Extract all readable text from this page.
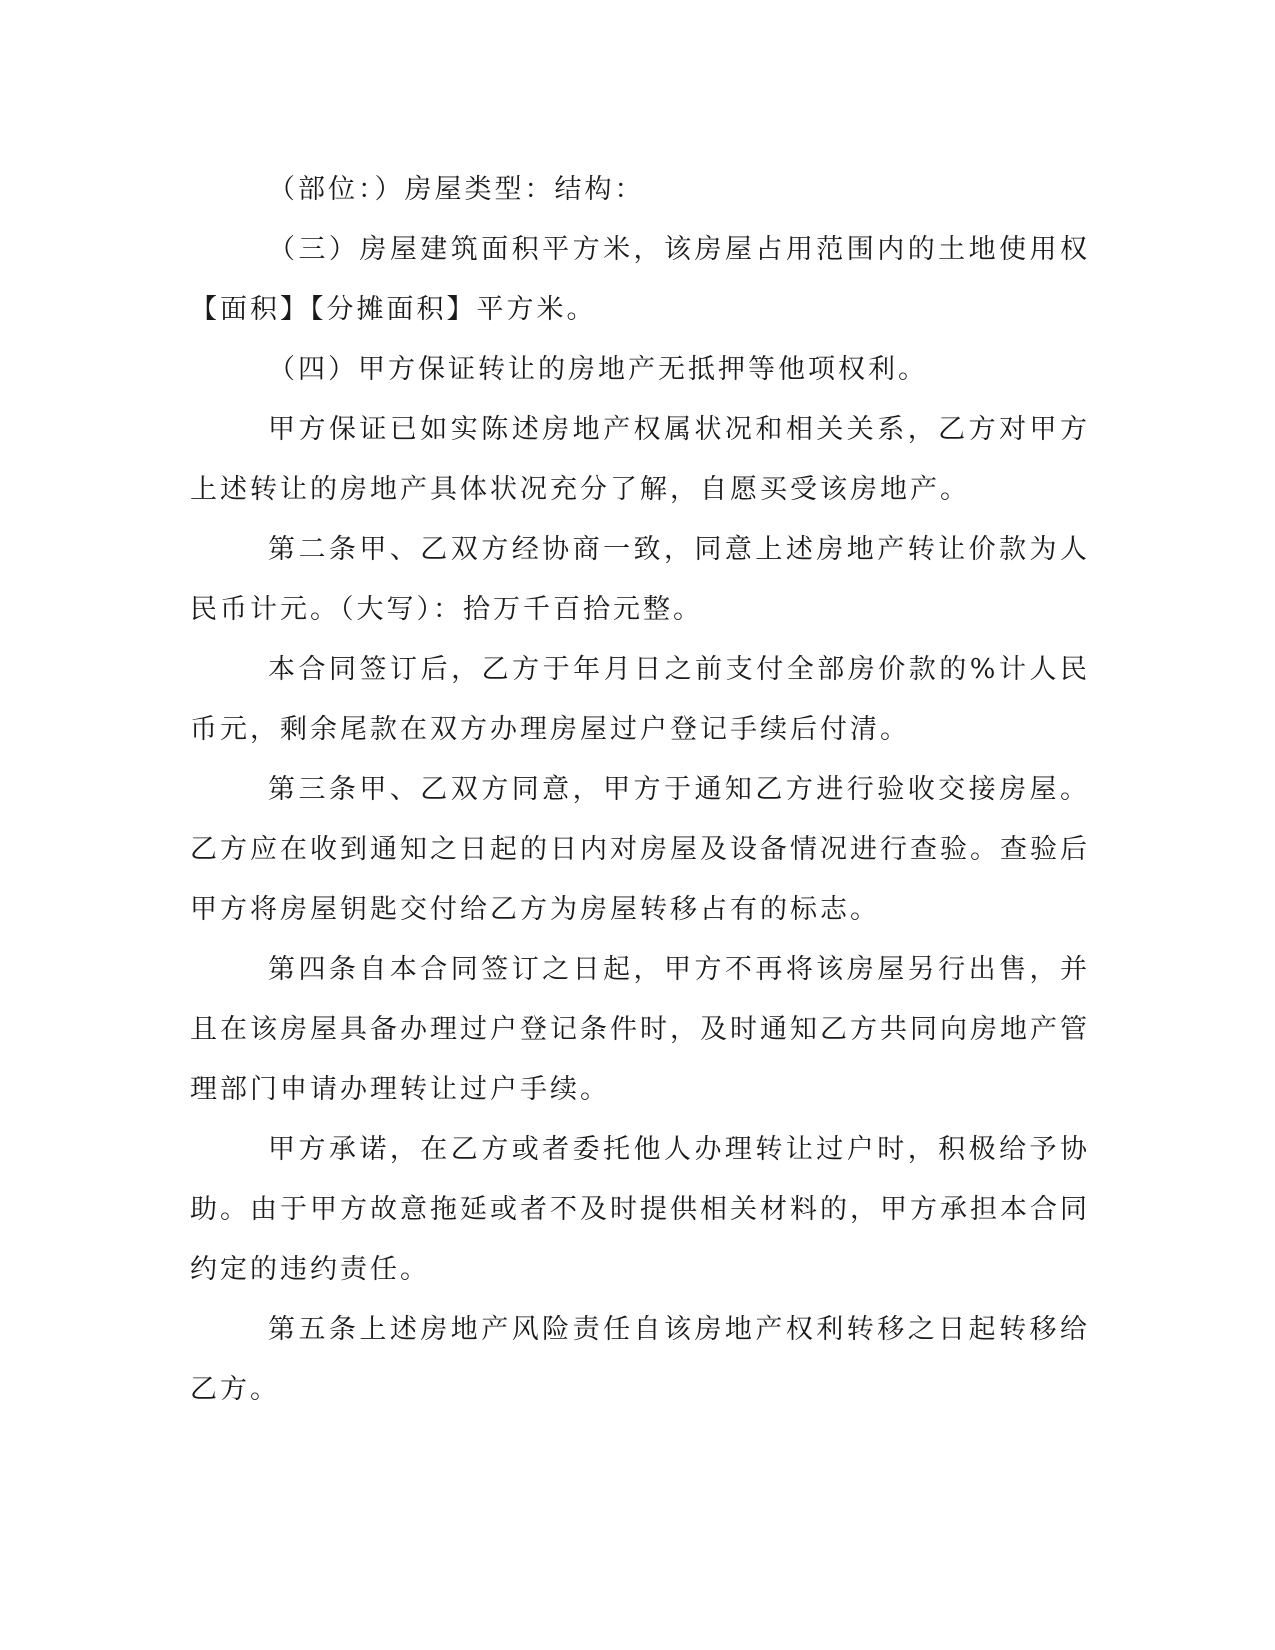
（部位：）房屋类型：结构：

（三）房屋建筑面积平方米，该房屋占用范围内的土地使用权【面积】【分摊面积】平方米。

（四）甲方保证转让的房地产无抵押等他项权利。

甲方保证已如实陈述房地产权属状况和相关关系，乙方对甲方上述转让的房地产具体状况充分了解，自愿买受该房地产。

第二条甲、乙双方经协商一致，同意上述房地产转让价款为人民币计元。（大写）：拾万千百拾元整。

本合同签订后，乙方于年月日之前支付全部房价款的%计人民币元，剩余尾款在双方办理房屋过户登记手续后付清。

第三条甲、乙双方同意，甲方于通知乙方进行验收交接房屋。乙方应在收到通知之日起的日内对房屋及设备情况进行查验。查验后甲方将房屋钥匙交付给乙方为房屋转移占有的标志。

第四条自本合同签订之日起，甲方不再将该房屋另行出售，并且在该房屋具备办理过户登记条件时，及时通知乙方共同向房地产管理部门申请办理转让过户手续。

甲方承诺，在乙方或者委托他人办理转让过户时，积极给予协助。由于甲方故意拖延或者不及时提供相关材料的，甲方承担本合同约定的违约责任。

第五条上述房地产风险责任自该房地产权利转移之日起转移给乙方。
